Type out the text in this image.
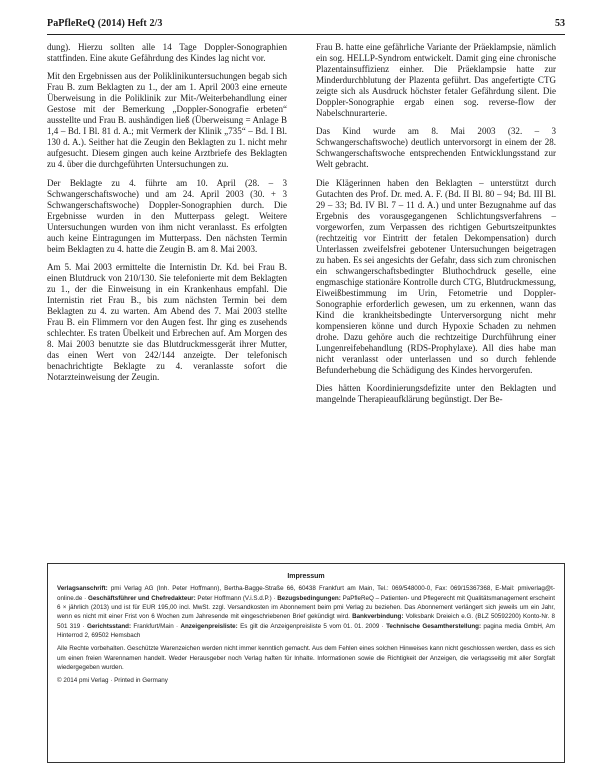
PaPfleReQ (2014) Heft 2/3	53

dung). Hierzu sollten alle 14 Tage Doppler-Sonographien stattfinden. Eine akute Gefährdung des Kindes lag nicht vor.

Mit den Ergebnissen aus der Poliklinikuntersuchungen begab sich Frau B. zum Beklagten zu 1., der am 1. April 2003 eine erneute Überweisung in die Poliklinik zur Mit-/Weiterbehandlung einer Gestose mit der Bemerkung „Doppler-Sonografie erbeten“ ausstellte und Frau B. aushändigen ließ (Überweisung = Anlage B 1,4 – Bd. I Bl. 81 d. A.; mit Vermerk der Klinik „735“ – Bd. I Bl. 130 d. A.). Seither hat die Zeugin den Beklagten zu 1. nicht mehr aufgesucht. Diesem gingen auch keine Arztbriefe des Beklagten zu 4. über die durchgeführten Untersuchungen zu.

Der Beklagte zu 4. führte am 10. April (28. – 3 Schwangerschaftswoche) und am 24. April 2003 (30. + 3 Schwangerschaftswoche) Doppler-Sonographien durch. Die Ergebnisse wurden in den Mutterpass gelegt. Weitere Untersuchungen wurden von ihm nicht veranlasst. Es erfolgten auch keine Eintragungen im Mutterpass. Den nächsten Termin beim Beklagten zu 4. hatte die Zeugin B. am 8. Mai 2003.

Am 5. Mai 2003 ermittelte die Internistin Dr. Kd. bei Frau B. einen Blutdruck von 210/130. Sie telefonierte mit dem Beklagten zu 1., der die Einweisung in ein Krankenhaus empfahl. Die Internistin riet Frau B., bis zum nächsten Termin bei dem Beklagten zu 4. zu warten. Am Abend des 7. Mai 2003 stellte Frau B. ein Flimmern vor den Augen fest. Ihr ging es zusehends schlechter. Es traten Übelkeit und Erbrechen auf. Am Morgen des 8. Mai 2003 benutzte sie das Blutdruckmessgerät ihrer Mutter, das einen Wert von 242/144 anzeigte. Der telefonisch benachrichtigte Beklagte zu 4. veranlasste sofort die Notarzteinweisung der Zeugin.

Frau B. hatte eine gefährliche Variante der Präeklampsie, nämlich ein sog. HELLP-Syndrom entwickelt. Damit ging eine chronische Plazentainsuffizienz einher. Die Präeklampsie hatte zur Minderdurchblutung der Plazenta geführt. Das angefertigte CTG zeigte sich als Ausdruck höchster fetaler Gefährdung silent. Die Doppler-Sonographie ergab einen sog. reverse-flow der Nabelschnurarterie.

Das Kind wurde am 8. Mai 2003 (32. – 3 Schwangerschaftswoche) deutlich untervorsorgt in einem der 28. Schwangerschaftswoche entsprechenden Entwicklungsstand zur Welt gebracht.

Die Klägerinnen haben den Beklagten – unterstützt durch Gutachten des Prof. Dr. med. A. F. (Bd. II Bl. 80 – 94; Bd. III Bl. 29 – 33; Bd. IV Bl. 7 – 11 d. A.) und unter Bezugnahme auf das Ergebnis des vorausgegangenen Schlichtungsverfahrens – vorgeworfen, zum Verpassen des richtigen Geburtszeitpunktes (rechtzeitig vor Eintritt der fetalen Dekompensation) durch Unterlassen zweifelsfrei gebotener Untersuchungen beigetragen zu haben. Es sei angesichts der Gefahr, dass sich zum chronischen ein schwangerschaftsbedingter Bluthochdruck geselle, eine engmaschige stationäre Kontrolle durch CTG, Blutdruckmessung, Eiweißbestimmung im Urin, Fetometrie und Doppler-Sonographie erforderlich gewesen, um zu erkennen, wann das Kind die krankheitsbedingte Unterversorgung nicht mehr kompensieren könne und durch Hypoxie Schaden zu nehmen drohe. Dazu gehöre auch die rechtzeitige Durchführung einer Lungenreifebehandlung (RDS-Prophylaxe). All dies habe man nicht veranlasst oder unterlassen und so durch fehlende Befunderhebung die Schädigung des Kindes hervorgerufen.

Dies hätten Koordinierungsdefizite unter den Beklagten und mangelnde Therapieaufklärung begünstigt. Der Be-

Impressum

Verlagsanschrift: pmi Verlag AG (Inh. Peter Hoffmann), Bertha-Bagge-Straße 66, 60438 Frankfurt am Main, Tel.: 069/548000-0, Fax: 069/15367368, E-Mail: pmiverlag@t-online.de · Geschäftsführer und Chefredakteur: Peter Hoffmann (V.i.S.d.P.) · Bezugsbedingungen: PaPfleReQ – Patienten- und Pflegerecht mit Qualitätsmanagement erscheint 6 × jährlich (2013) und ist für EUR 195,00 incl. MwSt. zzgl. Versandkosten im Abonnement beim pmi Verlag zu beziehen. Das Abonnement verlängert sich jeweils um ein Jahr, wenn es nicht mit einer Frist von 6 Wochen zum Jahresende mit eingeschriebenen Brief gekündigt wird. Bankverbindung: Volksbank Dreieich e.G. (BLZ 50592200) Konto-Nr. 8 501 319 · Gerichtsstand: Frankfurt/Main · Anzeigenpreisliste: Es gilt die Anzeigenpreisliste 5 vom 01. 01. 2009 · Technische Gesamtherstellung: pagina media GmbH, Am Hinterrod 2, 69502 Hemsbach

Alle Rechte vorbehalten. Geschützte Warenzeichen werden nicht immer kenntlich gemacht. Aus dem Fehlen eines solchen Hinweises kann nicht geschlossen werden, dass es sich um einen freien Warennamen handelt. Weder Herausgeber noch Verlag haften für Inhalte. Informationen sowie die Richtigkeit der Anzeigen, die verlagsseitig mit aller Sorgfalt wiedergegeben wurden.

© 2014 pmi Verlag · Printed in Germany
